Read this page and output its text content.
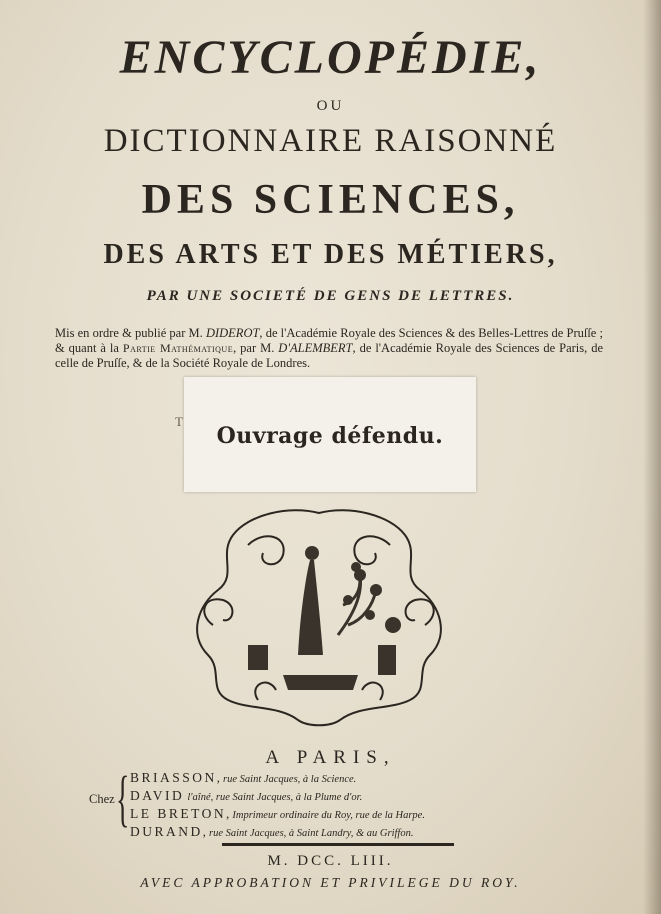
ENCYCLOPÉDIE,
OU
DICTIONNAIRE RAISONNÉ
DES SCIENCES,
DES ARTS ET DES MÉTIERS,
PAR UNE SOCIETÉ DE GENS DE LETTRES.
Mis en ordre & publié par M. DIDEROT, de l'Académie Royale des Sciences & des Belles-Lettres de Pruſſe ; & quant à la Partie Mathématique, par M. D'ALEMBERT, de l'Académie Royale des Sciences de Paris, de celle de Pruſſe, & de la Société Royale de Londres.
T
Ouvrage défendu.
A PARIS,
Chez { BRIASSON, rue Saint Jacques, à la Science.
DAVID l'aîné, rue Saint Jacques, à la Plume d'or.
LE BRETON, Imprimeur ordinaire du Roy, rue de la Harpe.
DURAND, rue Saint Jacques, à Saint Landry, & au Griffon.
M. DCC. LIII.
AVEC APPROBATION ET PRIVILEGE DU ROY.
